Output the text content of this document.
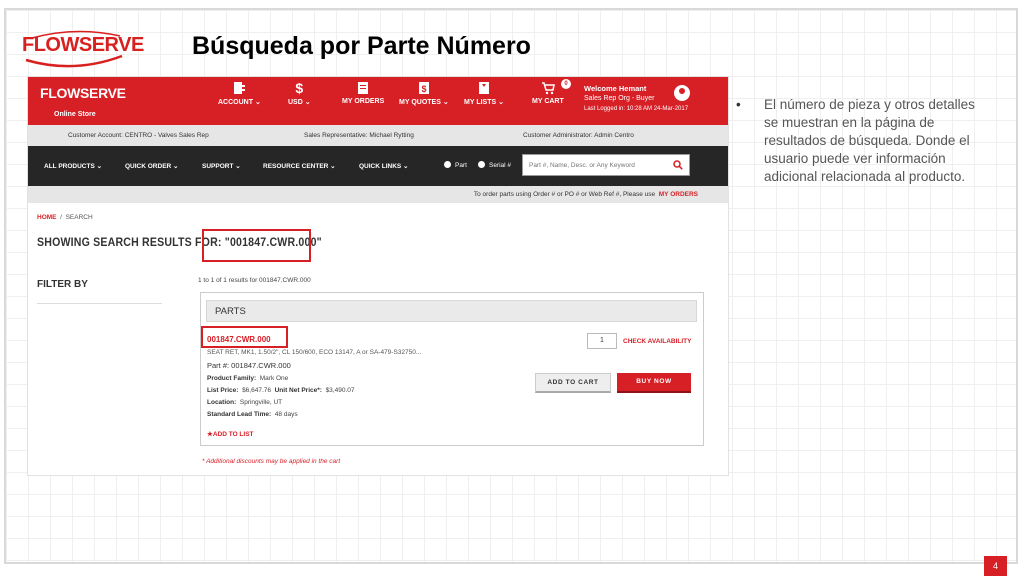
FLOWSERVE Búsqueda por Parte Número
FLOWSERVE
Online Store
ACCOUNT ⌄
$
USD ⌄	MY ORDERS
$
MY QUOTES ⌄ MY LISTS ⌄	MY CART
0	Welcome Hemant
Sales Rep Org - Buyer
Last Logged in: 10:28 AM 24-Mar-2017
Customer Account: CENTRO - Valves Sales Rep	Sales Representative: Michael Rytting	Customer Administrator: Admin Centro
ALL PRODUCTS ⌄	QUICK ORDER ⌄	SUPPORT ⌄	RESOURCE CENTER ⌄	QUICK LINKS ⌄	Part	Serial #
Part #, Name, Desc. or Any Keyword
To order parts using Order # or PO # or Web Ref #, Please use MY ORDERS
HOME / SEARCH
SHOWING SEARCH RESULTS FOR: "001847.CWR.000"
FILTER BY	1 to 1 of 1 results for 001847.CWR.000
PARTS
001847.CWR.000
SEAT RET, MK1, 1.50/2", CL 150/600, ECO 13147, A or SA-479-S32750...
Part #: 001847.CWR.000
Product Family: Mark One
List Price: $6,647.76 Unit Net Price*: $3,490.07
Location: Springville, UT
Standard Lead Time: 48 days
1	CHECK AVAILABILITY
ADD TO CART	BUY NOW
★ADD TO LIST
* Additional discounts may be applied in the cart
• El número de pieza y otros detalles se muestran en la página de resultados de búsqueda. Donde el usuario puede ver información adicional relacionada al producto.
4
